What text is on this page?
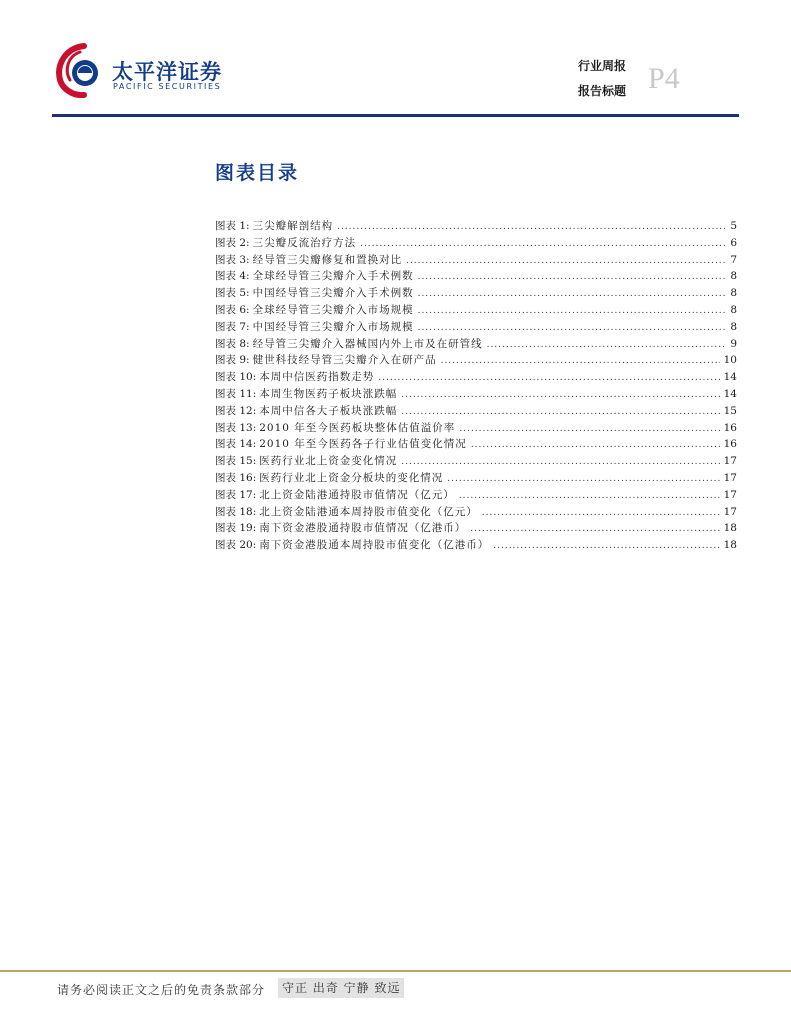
太平洋证券
PACIFIC SECURITIES
行业周报
报告标题 P4
图表目录
图表 1 : 三尖瓣解剖结构 .....	5
图表 2 : 三尖瓣反流治疗方法 .....	6
图表 3 : 经导管三尖瓣修复和置换对比 .....	7
图表 4 : 全球经导管三尖瓣介入手术例数 .....	8
图表 5 : 中国经导管三尖瓣介入手术例数 .....	8
图表 6 : 全球经导管三尖瓣介入市场规模 .....	8
图表 7 : 中国经导管三尖瓣介入市场规模 .....	8
图表 8 : 经导管三尖瓣介入器械国内外上市及在研管线 .....	9
图表 9 : 健世科技经导管三尖瓣介入在研产品 .....	10
图表 10 : 本周中信医药指数走势 .....	14
图表 11 : 本周生物医药子板块涨跌幅 .....	14
图表 12 : 本周中信各大子板块涨跌幅 .....	15
图表 13 : 2010 年至今医药板块整体估值溢价率 .....	16
图表 14 : 2010 年至今医药各子行业估值变化情况 .....	16
图表 15 : 医药行业北上资金变化情况 .....	17
图表 16 : 医药行业北上资金分板块的变化情况 .....	17
图表 17 : 北上资金陆港通持股市值情况（亿元） .....	17
图表 18 : 北上资金陆港通本周持股市值变化（亿元） .....	17
图表 19 : 南下资金港股通持股市值情况（亿港币） .....	18
图表 20 : 南下资金港股通本周持股市值变化（亿港币） .....	18
请务必阅读正文之后的免责条款部分	守正 出奇 宁静 致远
